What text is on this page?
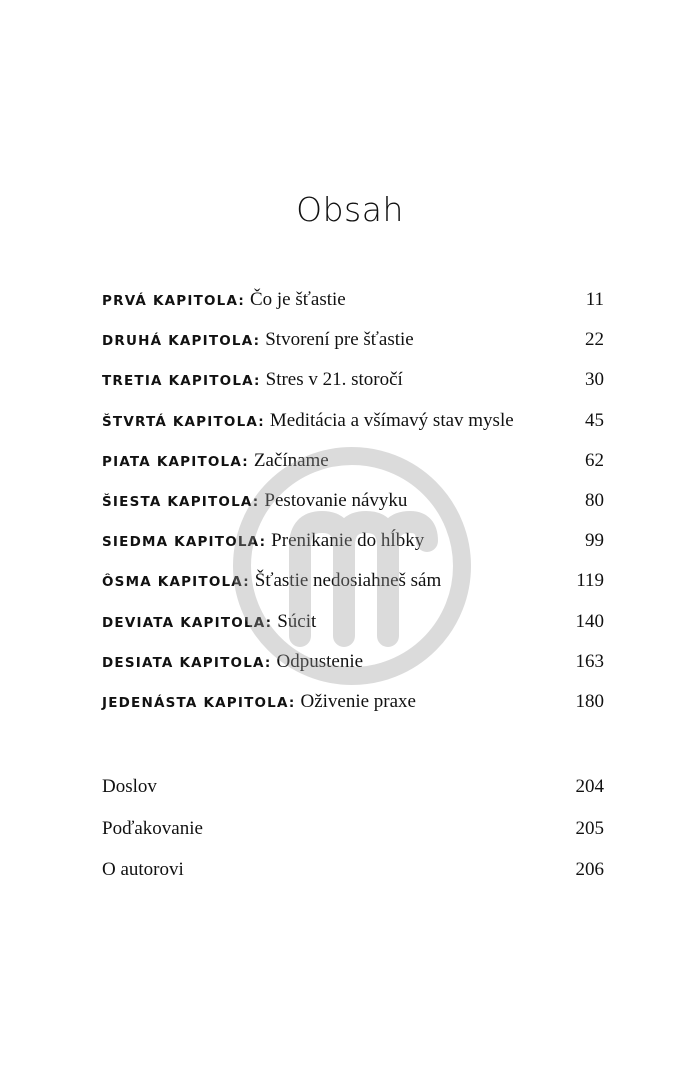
Obsah
PRVÁ KAPITOLA: Čo je šťastie	11
DRUHÁ KAPITOLA: Stvorení pre šťastie	22
TRETIA KAPITOLA: Stres v 21. storočí	30
ŠTVRTÁ KAPITOLA: Meditácia a všímavý stav mysle	45
PIATA KAPITOLA: Začíname	62
ŠIESTA KAPITOLA: Pestovanie návyku	80
SIEDMA KAPITOLA: Prenikanie do hĺbky	99
ÔSMA KAPITOLA: Šťastie nedosiahneš sám	119
DEVIATA KAPITOLA: Súcit	140
DESIATA KAPITOLA: Odpustenie	163
JEDENÁSTA KAPITOLA: Oživenie praxe	180
Doslov	204
Poďakovanie	205
O autorovi	206
